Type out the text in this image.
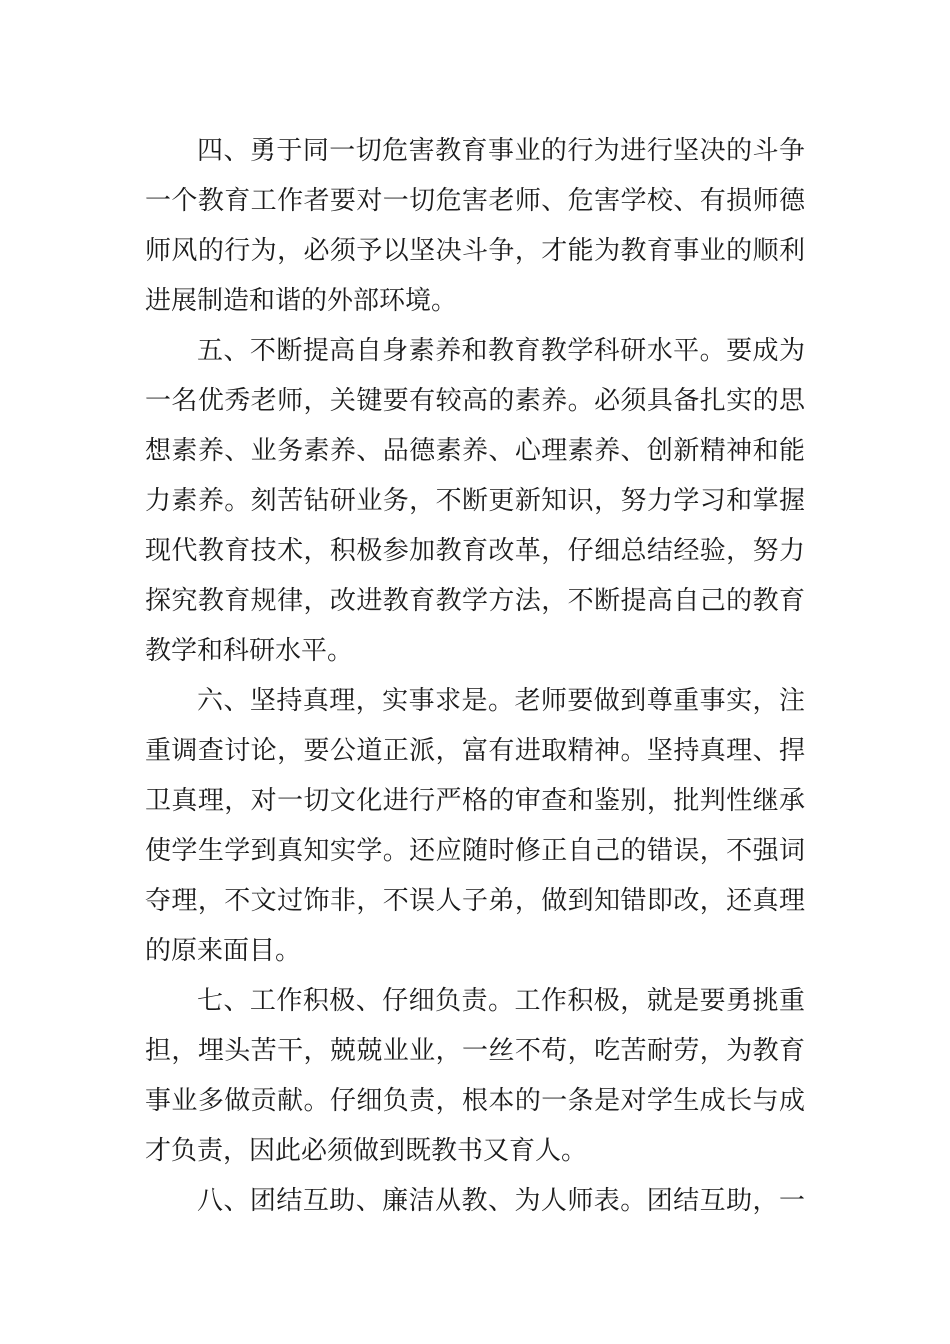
四、勇于同一切危害教育事业的行为进行坚决的斗争
一个教育工作者要对一切危害老师、危害学校、有损师德
师风的行为，必须予以坚决斗争，才能为教育事业的顺利
进展制造和谐的外部环境。
五、不断提高自身素养和教育教学科研水平。要成为
一名优秀老师，关键要有较高的素养。必须具备扎实的思
想素养、业务素养、品德素养、心理素养、创新精神和能
力素养。刻苦钻研业务，不断更新知识，努力学习和掌握
现代教育技术，积极参加教育改革，仔细总结经验，努力
探究教育规律，改进教育教学方法，不断提高自己的教育
教学和科研水平。
六、坚持真理，实事求是。老师要做到尊重事实，注
重调查讨论，要公道正派，富有进取精神。坚持真理、捍
卫真理，对一切文化进行严格的审查和鉴别，批判性继承
使学生学到真知实学。还应随时修正自己的错误，不强词
夺理，不文过饰非，不误人子弟，做到知错即改，还真理
的原来面目。
七、工作积极、仔细负责。工作积极，就是要勇挑重
担，埋头苦干，兢兢业业，一丝不苟，吃苦耐劳，为教育
事业多做贡献。仔细负责，根本的一条是对学生成长与成
才负责，因此必须做到既教书又育人。
八、团结互助、廉洁从教、为人师表。团结互助，一
